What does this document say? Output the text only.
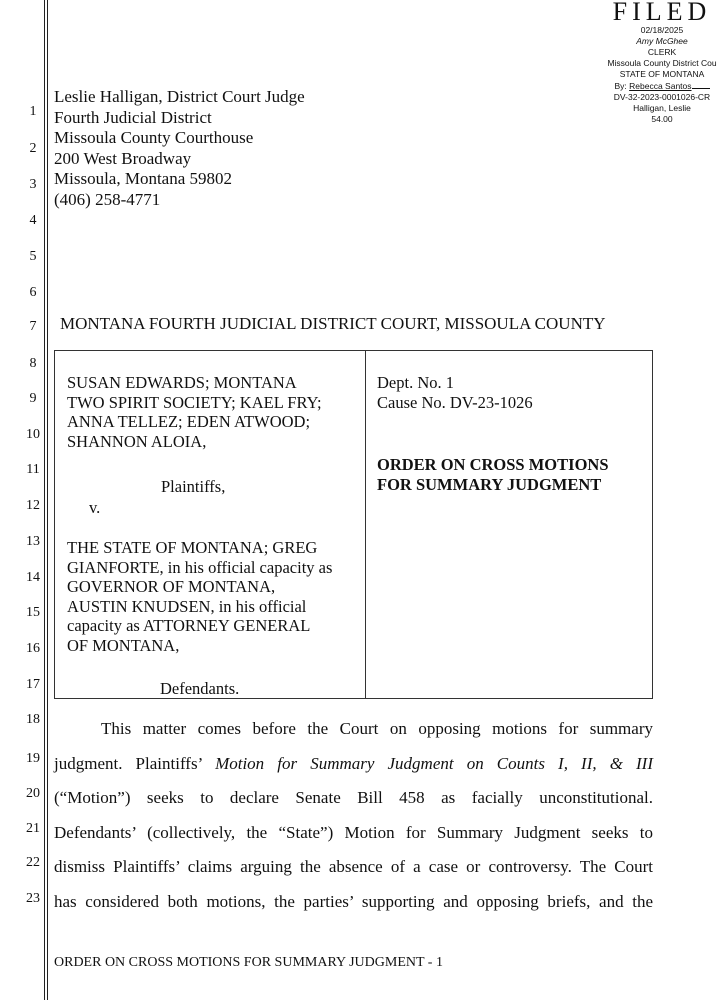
1
2
3
4
5
6
7
8
9
10
11
12
13
14
15
16
17
18
19
20
21
22
23
FILED
02/18/2025
Amy McGhee
CLERK
Missoula County District Cou
STATE OF MONTANA
By: Rebecca Santos
DV-32-2023-0001026-CR
Halligan, Leslie
54.00
Leslie Halligan, District Court Judge
Fourth Judicial District
Missoula County Courthouse
200 West Broadway
Missoula, Montana 59802
(406) 258-4771
MONTANA FOURTH JUDICIAL DISTRICT COURT, MISSOULA COUNTY
SUSAN EDWARDS; MONTANA
TWO SPIRIT SOCIETY; KAEL FRY;
ANNA TELLEZ; EDEN ATWOOD;
SHANNON ALOIA,
Plaintiffs,
v.
THE STATE OF MONTANA; GREG
GIANFORTE, in his official capacity as
GOVERNOR OF MONTANA,
AUSTIN KNUDSEN, in his official
capacity as ATTORNEY GENERAL
OF MONTANA,
Defendants.
Dept. No. 1
Cause No. DV-23-1026
ORDER ON CROSS MOTIONS
FOR SUMMARY JUDGMENT
This matter comes before the Court on opposing motions for summary
judgment. Plaintiffs’ Motion for Summary Judgment on Counts I, II, & III
(“Motion”) seeks to declare Senate Bill 458 as facially unconstitutional.
Defendants’ (collectively, the “State”) Motion for Summary Judgment seeks to
dismiss Plaintiffs’ claims arguing the absence of a case or controversy. The Court
has considered both motions, the parties’ supporting and opposing briefs, and the
ORDER ON CROSS MOTIONS FOR SUMMARY JUDGMENT - 1
